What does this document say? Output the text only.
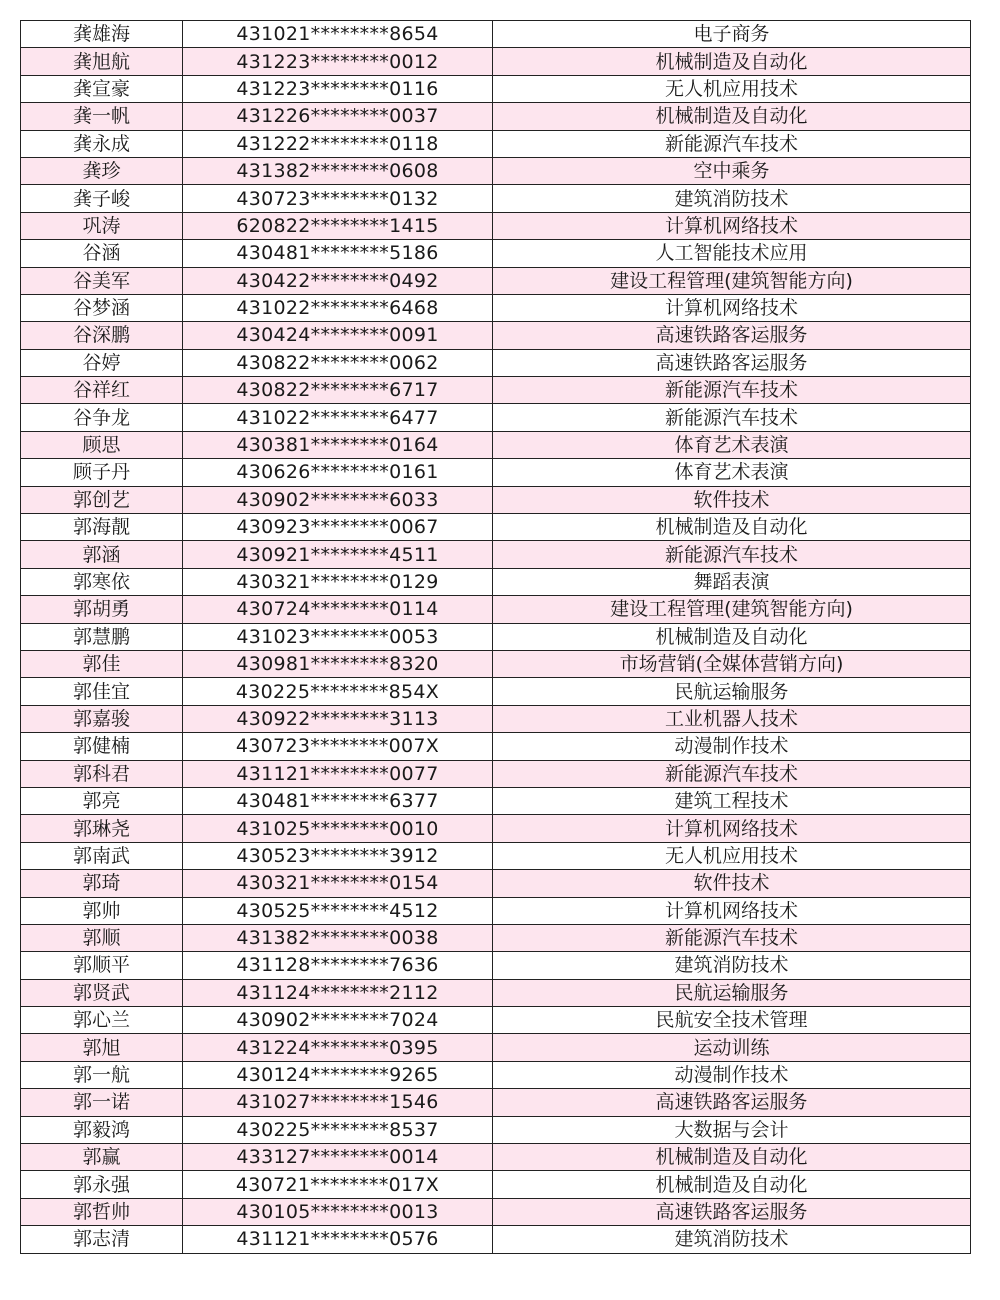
龚雄海	431021********8654	电子商务
龚旭航	431223********0012	机械制造及自动化
龚宣豪	431223********0116	无人机应用技术
龚一帆	431226********0037	机械制造及自动化
龚永成	431222********0118	新能源汽车技术
龚珍	431382********0608	空中乘务
龚子峻	430723********0132	建筑消防技术
巩涛	620822********1415	计算机网络技术
谷涵	430481********5186	人工智能技术应用
谷美军	430422********0492	建设工程管理(建筑智能方向)
谷梦涵	431022********6468	计算机网络技术
谷深鹏	430424********0091	高速铁路客运服务
谷婷	430822********0062	高速铁路客运服务
谷祥红	430822********6717	新能源汽车技术
谷争龙	431022********6477	新能源汽车技术
顾思	430381********0164	体育艺术表演
顾子丹	430626********0161	体育艺术表演
郭创艺	430902********6033	软件技术
郭海靓	430923********0067	机械制造及自动化
郭涵	430921********4511	新能源汽车技术
郭寒依	430321********0129	舞蹈表演
郭胡勇	430724********0114	建设工程管理(建筑智能方向)
郭慧鹏	431023********0053	机械制造及自动化
郭佳	430981********8320	市场营销(全媒体营销方向)
郭佳宜	430225********854X	民航运输服务
郭嘉骏	430922********3113	工业机器人技术
郭健楠	430723********007X	动漫制作技术
郭科君	431121********0077	新能源汽车技术
郭亮	430481********6377	建筑工程技术
郭琳尧	431025********0010	计算机网络技术
郭南武	430523********3912	无人机应用技术
郭琦	430321********0154	软件技术
郭帅	430525********4512	计算机网络技术
郭顺	431382********0038	新能源汽车技术
郭顺平	431128********7636	建筑消防技术
郭贤武	431124********2112	民航运输服务
郭心兰	430902********7024	民航安全技术管理
郭旭	431224********0395	运动训练
郭一航	430124********9265	动漫制作技术
郭一诺	431027********1546	高速铁路客运服务
郭毅鸿	430225********8537	大数据与会计
郭赢	433127********0014	机械制造及自动化
郭永强	430721********017X	机械制造及自动化
郭哲帅	430105********0013	高速铁路客运服务
郭志清	431121********0576	建筑消防技术
